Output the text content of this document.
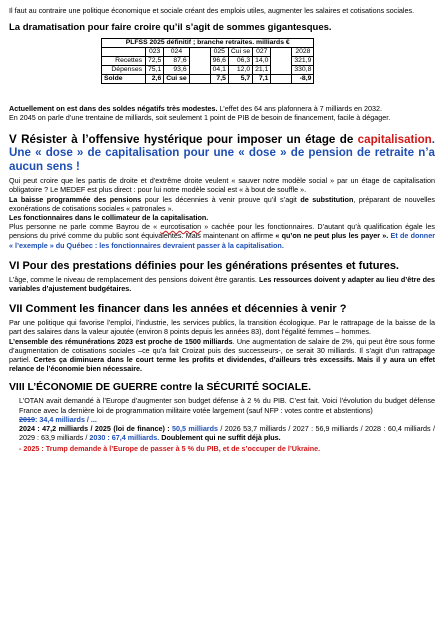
Il faut au contraire une politique économique et sociale créant des emplois utiles, augmenter les salaires et cotisations sociales.

La dramatisation pour faire croire qu’il s’agit de sommes gigantesques.
PLFSS 2025 définitif ; branche retraites. milliards €								
	023	024		025	Cui se	027		2028
Recettes	72,5	87,6		96,6	06,3	14,0		321,9
Dépenses	75,1	93,6		04,1	12,0	21,1		330,8
Solde	2,6	Cui se		7,5	5,7	7,1		-8,9

Actuellement on est dans des soldes négatifs très modestes. L’effet des 64 ans plafonnera à 7 milliards en 2032.

En 2045 on parle d’une trentaine de milliards, soit seulement 1 point de PIB de besoin de financement, facile à dégager.

V Résister à l’offensive hystérique pour imposer un étage de capitalisation. Une « dose » de capitalisation pour une « dose » de pension de retraite n’a aucun sens !

Qui peut croire que les partis de droite et d’extrême droite veulent « sauver notre modèle social » par un étage de capitalisation obligatoire ? Le MEDEF est plus direct : pour lui notre modèle social est « à bout de souffle ».

La baisse programmée des pensions pour les décennies à venir prouve qu’il s’agit de substitution, préparant de nouvelles exonérations de cotisations sociales « patronales ».

Les fonctionnaires dans le collimateur de la capitalisation.

Plus personne ne parle comme Bayrou de « eurcotisation » cachée pour les fonctionnaires. D’autant qu’à qualification égale les pensions du privé comme du public sont équivalentes. Mais maintenant on affirme « qu’on ne peut plus les payer ». Et de donner « l’exemple » du Québec : les fonctionnaires devraient passer à la capitalisation.

VI Pour des prestations définies pour les générations présentes et futures.

L’âge, comme le niveau de remplacement des pensions doivent être garantis. Les ressources doivent y adapter au lieu d’être des variables d’ajustement budgétaires.

VII Comment les financer dans les années et décennies à venir ?

Par une politique qui favorise l’emploi, l’industrie, les services publics, la transition écologique. Par le rattrapage de la baisse de la part des salaires dans la valeur ajoutée (environ 8 points depuis les années 83), dont l’égalité femmes – hommes.

L’ensemble des rémunérations 2023 est proche de 1500 milliards. Une augmentation de salaire de 2%, qui peut être sous forme d’augmentation de cotisations sociales –ce qu’a fait Croizat puis des successeurs-, ce serait 30 milliards. Il s’agit d’un rattrapage partiel. Certes ça diminuera dans le court terme les profits et dividendes, d’ailleurs très excessifs. Mais il y aura un effet relance de l’économie bien nécessaire.

VIII L’ÉCONOMIE DE GUERRE contre la SÉCURITÉ SOCIALE.

L’OTAN avait demandé à l’Europe d’augmenter son budget défense à 2 % du PIB. C’est fait. Voici l’évolution du budget défense France avec la dernière loi de programmation militaire votée largement (sauf NFP : votes contre et abstentions)

2019: 34,4 milliards / ...

2024 : 47,2 milliards / 2025 (loi de finance) : 50,5 milliards / 2026 53,7 milliards / 2027 : 56,9 milliards / 2028 : 60,4 milliards / 2029 : 63,9 milliards / 2030 : 67,4 milliards. Doublement qui ne suffit déjà plus.

- 2025 : Trump demande à l’Europe de passer à 5 % du PIB, et de s’occuper de l’Ukraine.
